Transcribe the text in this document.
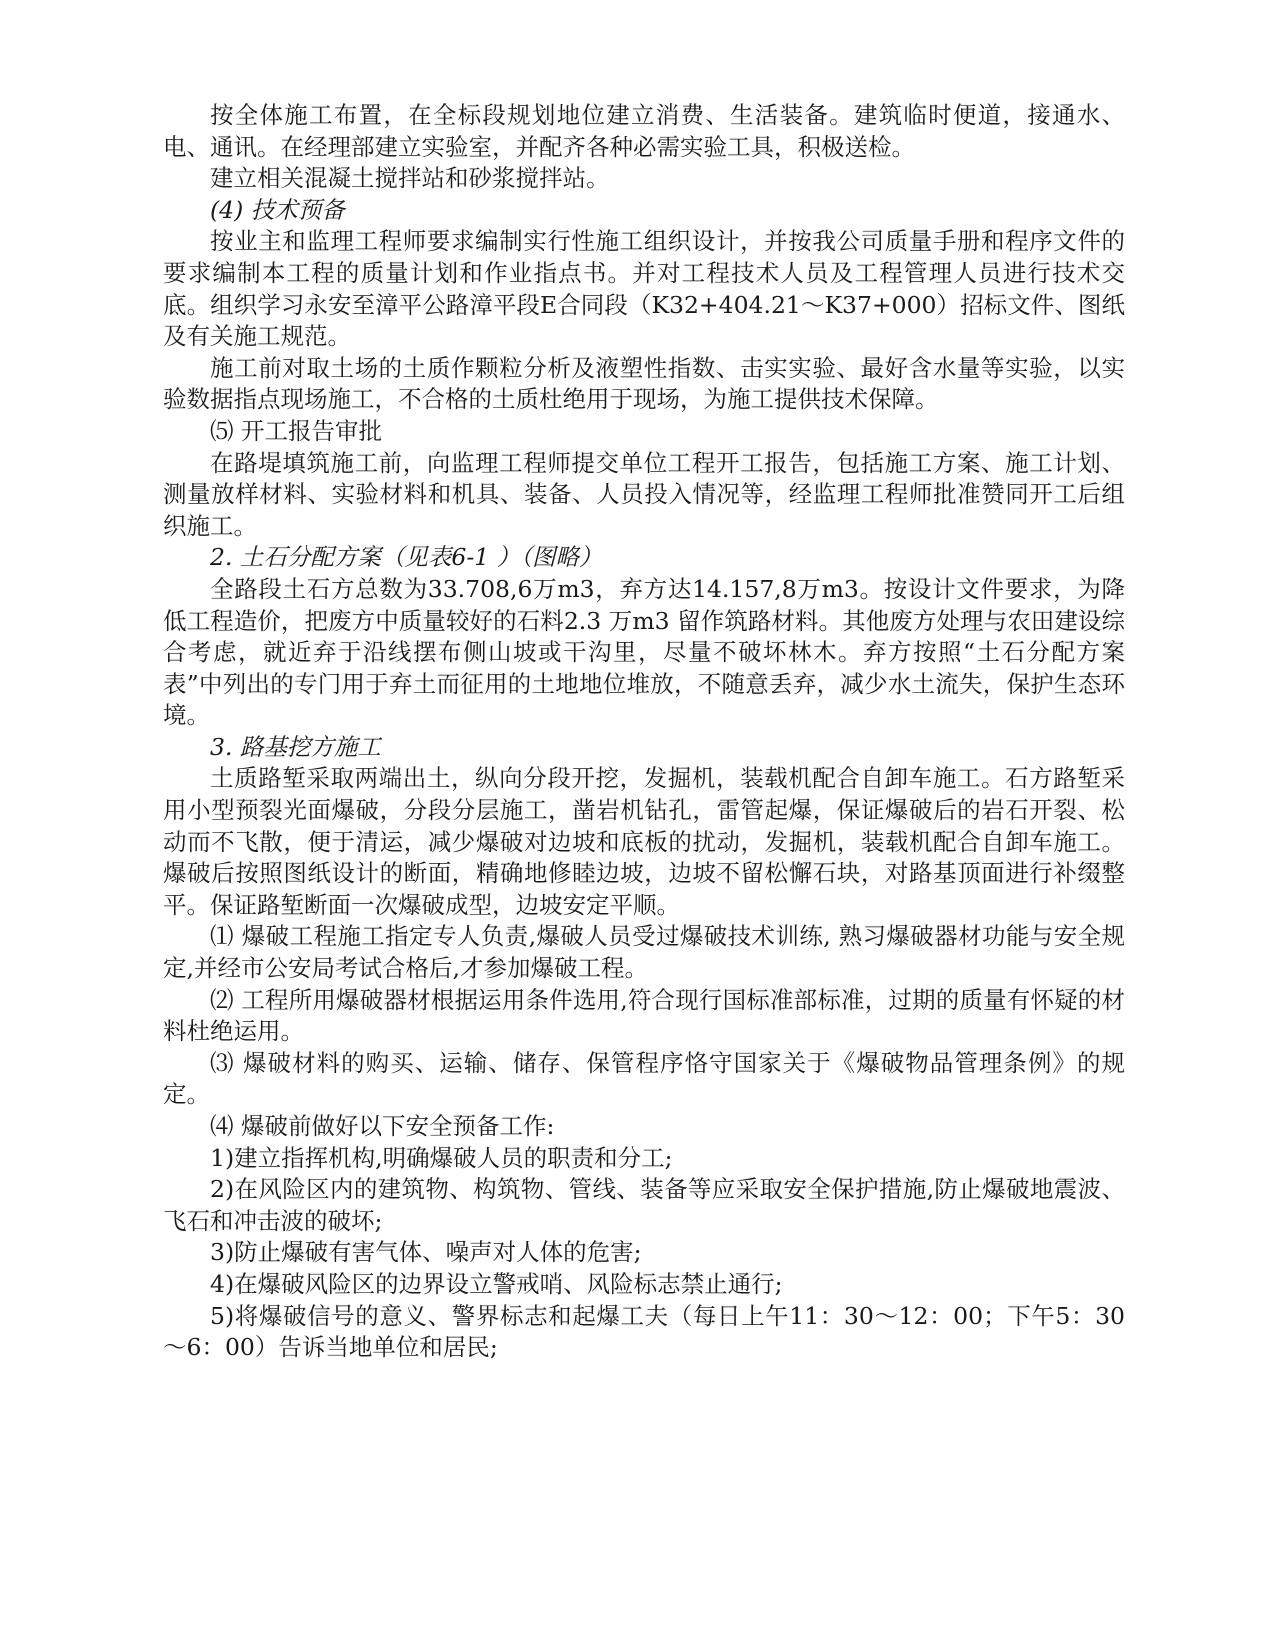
按全体施工布置，在全标段规划地位建立消费、生活装备。建筑临时便道，接通水、电、通讯。在经理部建立实验室，并配齐各种必需实验工具，积极送检。

建立相关混凝土搅拌站和砂浆搅拌站。

(4) 技术预备

按业主和监理工程师要求编制实行性施工组织设计，并按我公司质量手册和程序文件的要求编制本工程的质量计划和作业指点书。并对工程技术人员及工程管理人员进行技术交底。组织学习永安至漳平公路漳平段E合同段（K32+404.21～K37+000）招标文件、图纸及有关施工规范。

施工前对取土场的土质作颗粒分析及液塑性指数、击实实验、最好含水量等实验，以实验数据指点现场施工，不合格的土质杜绝用于现场，为施工提供技术保障。

⑸ 开工报告审批

在路堤填筑施工前，向监理工程师提交单位工程开工报告，包括施工方案、施工计划、测量放样材料、实验材料和机具、装备、人员投入情况等，经监理工程师批准赞同开工后组织施工。

2. 土石分配方案（见表6-1 ）（图略）

全路段土石方总数为33.708,6万m3，弃方达14.157,8万m3。按设计文件要求，为降低工程造价，把废方中质量较好的石料2.3 万m3 留作筑路材料。其他废方处理与农田建设综合考虑，就近弃于沿线摆布侧山坡或干沟里，尽量不破坏林木。弃方按照“土石分配方案表”中列出的专门用于弃土而征用的土地地位堆放，不随意丢弃，减少水土流失，保护生态环境。

3. 路基挖方施工

土质路堑采取两端出土，纵向分段开挖，发掘机，装载机配合自卸车施工。石方路堑采用小型预裂光面爆破，分段分层施工，凿岩机钻孔，雷管起爆，保证爆破后的岩石开裂、松动而不飞散，便于清运，减少爆破对边坡和底板的扰动，发掘机，装载机配合自卸车施工。爆破后按照图纸设计的断面，精确地修睦边坡，边坡不留松懈石块，对路基顶面进行补缀整平。保证路堑断面一次爆破成型，边坡安定平顺。

⑴ 爆破工程施工指定专人负责,爆破人员受过爆破技术训练, 熟习爆破器材功能与安全规定,并经市公安局考试合格后,才参加爆破工程。

⑵ 工程所用爆破器材根据运用条件选用,符合现行国标准部标准，过期的质量有怀疑的材料杜绝运用。

⑶ 爆破材料的购买、运输、储存、保管程序恪守国家关于《爆破物品管理条例》的规定。

⑷ 爆破前做好以下安全预备工作:

1)建立指挥机构,明确爆破人员的职责和分工;

2)在风险区内的建筑物、构筑物、管线、装备等应采取安全保护措施,防止爆破地震波、飞石和冲击波的破坏;

3)防止爆破有害气体、噪声对人体的危害;

4)在爆破风险区的边界设立警戒哨、风险标志禁止通行;

5)将爆破信号的意义、警界标志和起爆工夫（每日上午11：30～12：00；下午5：30～6：00）告诉当地单位和居民;
